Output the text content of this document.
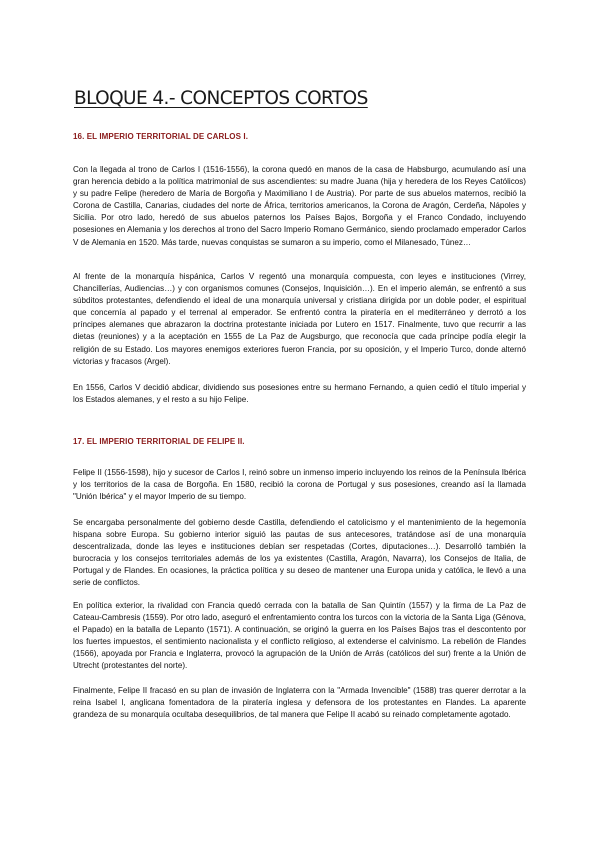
BLOQUE 4.- CONCEPTOS CORTOS
16. EL IMPERIO TERRITORIAL DE CARLOS I.

Con la llegada al trono de Carlos I (1516-1556), la corona quedó en manos de la casa de Habsburgo, acumulando así una gran herencia debido a la política matrimonial de sus ascendientes: su madre Juana (hija y heredera de los Reyes Católicos) y su padre Felipe (heredero de María de Borgoña y Maximiliano I de Austria). Por parte de sus abuelos maternos, recibió la Corona de Castilla, Canarias, ciudades del norte de África, territorios americanos, la Corona de Aragón, Cerdeña, Nápoles y Sicilia. Por otro lado, heredó de sus abuelos paternos los Países Bajos, Borgoña y el Franco Condado, incluyendo posesiones en Alemania y los derechos al trono del Sacro Imperio Romano Germánico, siendo proclamado emperador Carlos V de Alemania en 1520. Más tarde, nuevas conquistas se sumaron a su imperio, como el Milanesado, Túnez…

Al frente de la monarquía hispánica, Carlos V regentó una monarquía compuesta, con leyes e instituciones (Virrey, Chancillerías, Audiencias…) y con organismos comunes (Consejos, Inquisición…). En el imperio alemán, se enfrentó a sus súbditos protestantes, defendiendo el ideal de una monarquía universal y cristiana dirigida por un doble poder, el espiritual que concernía al papado y el terrenal al emperador. Se enfrentó contra la piratería en el mediterráneo y derrotó a los príncipes alemanes que abrazaron la doctrina protestante iniciada por Lutero en 1517. Finalmente, tuvo que recurrir a las dietas (reuniones) y a la aceptación en 1555 de La Paz de Augsburgo, que reconocía que cada príncipe podía elegir la religión de su Estado. Los mayores enemigos exteriores fueron Francia, por su oposición, y el Imperio Turco, donde alternó victorias y fracasos (Argel).

En 1556, Carlos V decidió abdicar, dividiendo sus posesiones entre su hermano Fernando, a quien cedió el título imperial y los Estados alemanes, y el resto a su hijo Felipe.

17. EL IMPERIO TERRITORIAL DE FELIPE II.

Felipe II (1556-1598), hijo y sucesor de Carlos I, reinó sobre un inmenso imperio incluyendo los reinos de la Península Ibérica y los territorios de la casa de Borgoña. En 1580, recibió la corona de Portugal y sus posesiones, creando así la llamada "Unión Ibérica" y el mayor Imperio de su tiempo.

Se encargaba personalmente del gobierno desde Castilla, defendiendo el catolicismo y el mantenimiento de la hegemonía hispana sobre Europa. Su gobierno interior siguió las pautas de sus antecesores, tratándose así de una monarquía descentralizada, donde las leyes e instituciones debían ser respetadas (Cortes, diputaciones…). Desarrolló también la burocracia y los consejos territoriales además de los ya existentes (Castilla, Aragón, Navarra), los Consejos de Italia, de Portugal y de Flandes. En ocasiones, la práctica política y su deseo de mantener una Europa unida y católica, le llevó a una serie de conflictos.

En política exterior, la rivalidad con Francia quedó cerrada con la batalla de San Quintín (1557) y la firma de La Paz de Cateau-Cambresis (1559). Por otro lado, aseguró el enfrentamiento contra los turcos con la victoria de la Santa Liga (Génova, el Papado) en la batalla de Lepanto (1571). A continuación, se originó la guerra en los Países Bajos tras el descontento por los fuertes impuestos, el sentimiento nacionalista y el conflicto religioso, al extenderse el calvinismo. La rebelión de Flandes (1566), apoyada por Francia e Inglaterra, provocó la agrupación de la Unión de Arrás (católicos del sur) frente a la Unión de Utrecht (protestantes del norte).

Finalmente, Felipe II fracasó en su plan de invasión de Inglaterra con la "Armada Invencible" (1588) tras querer derrotar a la reina Isabel I, anglicana fomentadora de la piratería inglesa y defensora de los protestantes en Flandes. La aparente grandeza de su monarquía ocultaba desequilibrios, de tal manera que Felipe II acabó su reinado completamente agotado.
